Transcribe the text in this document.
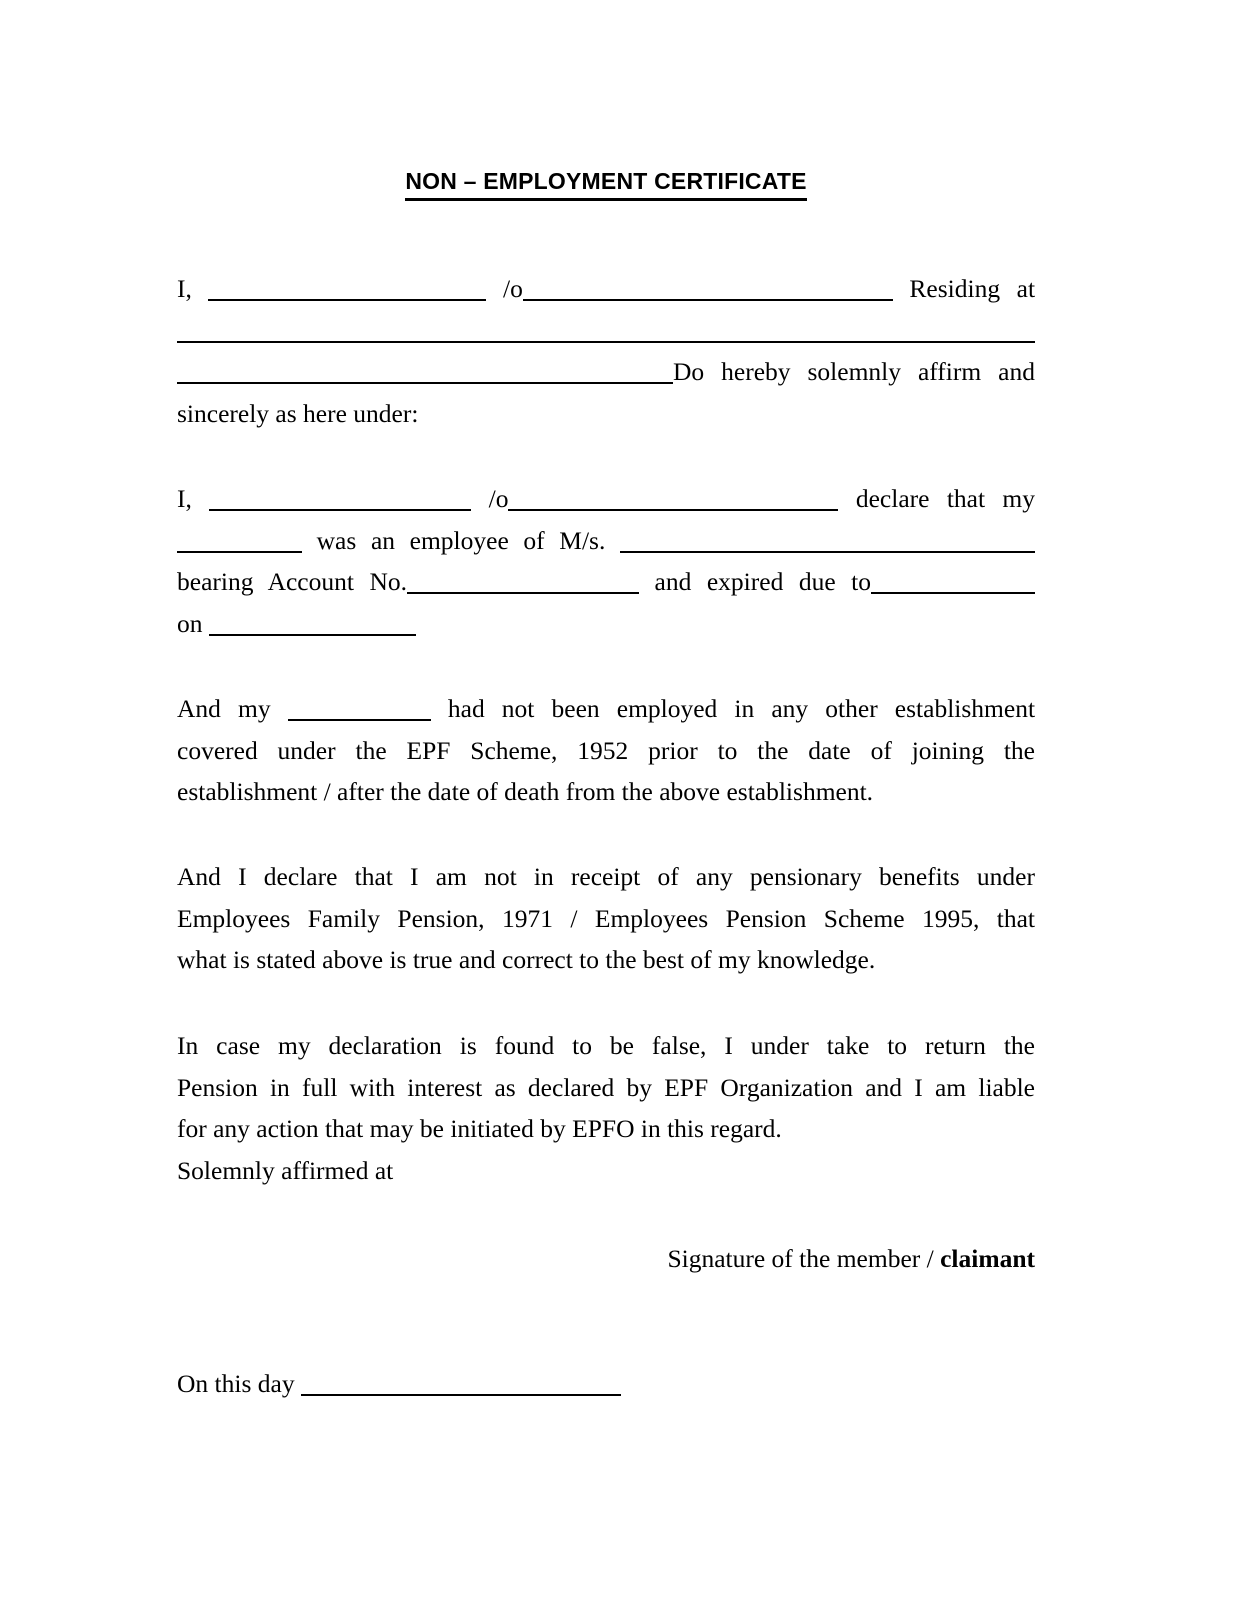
NON – EMPLOYMENT CERTIFICATE
I,	/o	Residing at
Do hereby solemnly affirm and
sincerely as here under:
I,	/o	declare that my
was an employee of M/s.
bearing Account No.	and expired due to
on
And my	had not been employed in any other establishment
covered under the EPF Scheme, 1952 prior to the date of joining the
establishment / after the date of death from the above establishment.
And I declare that I am not in receipt of any pensionary benefits under
Employees Family Pension, 1971 / Employees Pension Scheme 1995, that
what is stated above is true and correct to the best of my knowledge.
In case my declaration is found to be false, I under take to return the
Pension in full with interest as declared by EPF Organization and I am liable
for any action that may be initiated by EPFO in this regard.
Solemnly affirmed at
Signature of the member / claimant
On this day
